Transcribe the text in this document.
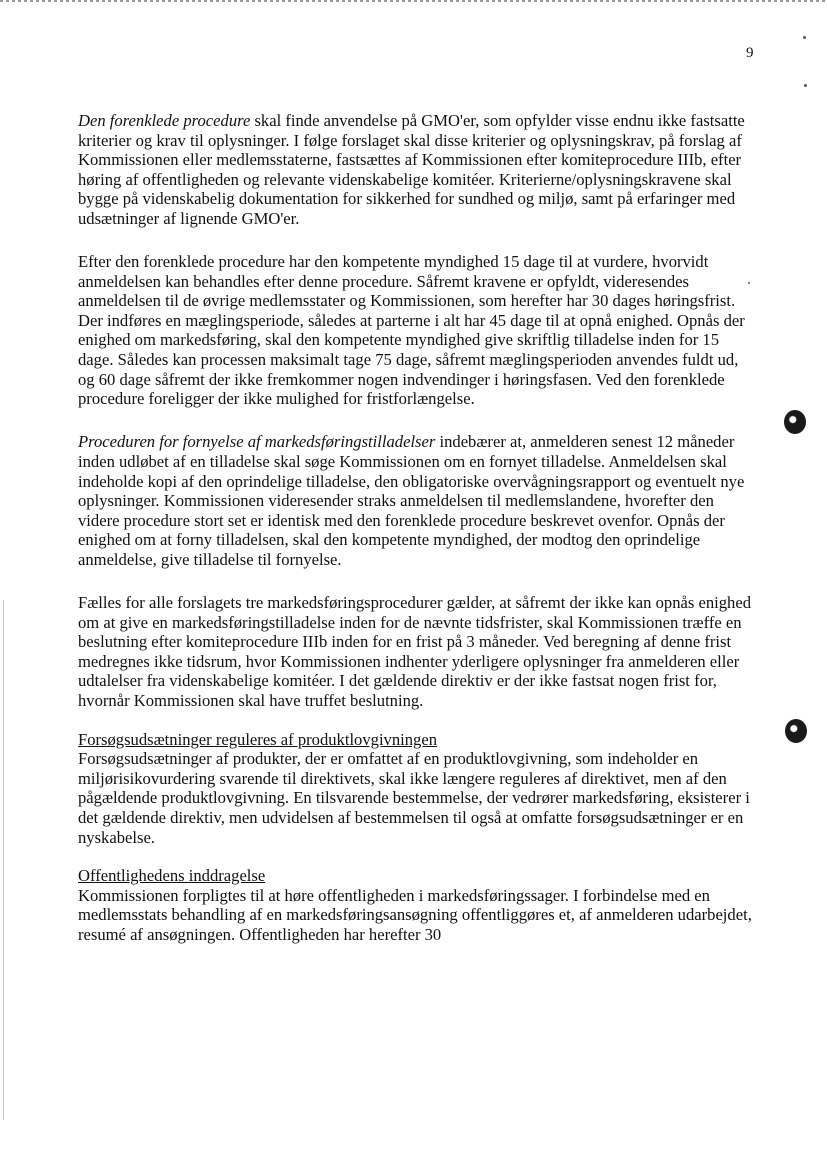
9

Den forenklede procedure skal finde anvendelse på GMO'er, som opfylder visse endnu ikke fastsatte kriterier og krav til oplysninger. I følge forslaget skal disse kriterier og oplysningskrav, på forslag af Kommissionen eller medlemsstaterne, fastsættes af Kommissionen efter komiteprocedure IIIb, efter høring af offentligheden og relevante videnskabelige komitéer. Kriterierne/oplysningskravene skal bygge på videnskabelig dokumentation for sikkerhed for sundhed og miljø, samt på erfaringer med udsætninger af lignende GMO'er.

Efter den forenklede procedure har den kompetente myndighed 15 dage til at vurdere, hvorvidt anmeldelsen kan behandles efter denne procedure. Såfremt kravene er opfyldt, videresendes anmeldelsen til de øvrige medlemsstater og Kommissionen, som herefter har 30 dages høringsfrist. Der indføres en mæglingsperiode, således at parterne i alt har 45 dage til at opnå enighed. Opnås der enighed om markedsføring, skal den kompetente myndighed give skriftlig tilladelse inden for 15 dage. Således kan processen maksimalt tage 75 dage, såfremt mæglingsperioden anvendes fuldt ud, og 60 dage såfremt der ikke fremkommer nogen indvendinger i høringsfasen. Ved den forenklede procedure foreligger der ikke mulighed for fristforlængelse.

Proceduren for fornyelse af markedsføringstilladelser indebærer at, anmelderen senest 12 måneder inden udløbet af en tilladelse skal søge Kommissionen om en fornyet tilladelse. Anmeldelsen skal indeholde kopi af den oprindelige tilladelse, den obligatoriske overvågningsrapport og eventuelt nye oplysninger. Kommissionen videresender straks anmeldelsen til medlemslandene, hvorefter den videre procedure stort set er identisk med den forenklede procedure beskrevet ovenfor. Opnås der enighed om at forny tilladelsen, skal den kompetente myndighed, der modtog den oprindelige anmeldelse, give tilladelse til fornyelse.

Fælles for alle forslagets tre markedsføringsprocedurer gælder, at såfremt der ikke kan opnås enighed om at give en markedsføringstilladelse inden for de nævnte tidsfrister, skal Kommissionen træffe en beslutning efter komiteprocedure IIIb inden for en frist på 3 måneder. Ved beregning af denne frist medregnes ikke tidsrum, hvor Kommissionen indhenter yderligere oplysninger fra anmelderen eller udtalelser fra videnskabelige komitéer. I det gældende direktiv er der ikke fastsat nogen frist for, hvornår Kommissionen skal have truffet beslutning.

Forsøgsudsætninger reguleres af produktlovgivningen
Forsøgsudsætninger af produkter, der er omfattet af en produktlovgivning, som indeholder en miljørisikovurdering svarende til direktivets, skal ikke længere reguleres af direktivet, men af den pågældende produktlovgivning. En tilsvarende bestemmelse, der vedrører markedsføring, eksisterer i det gældende direktiv, men udvidelsen af bestemmelsen til også at omfatte forsøgsudsætninger er en nyskabelse.

Offentlighedens inddragelse
Kommissionen forpligtes til at høre offentligheden i markedsføringssager. I forbindelse med en medlemsstats behandling af en markedsføringsansøgning offentliggøres et, af anmelderen udarbejdet, resumé af ansøgningen. Offentligheden har herefter 30
